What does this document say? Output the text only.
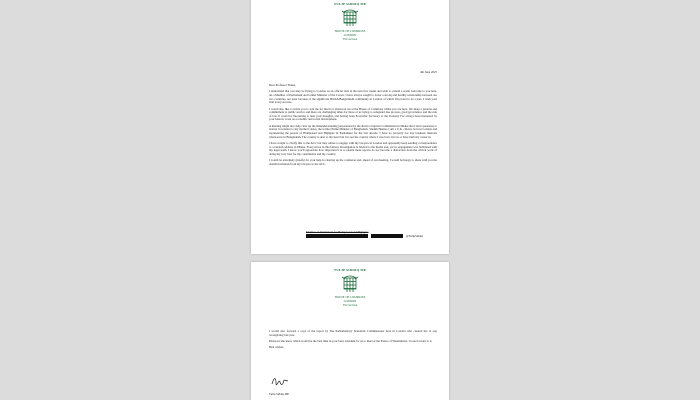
TULIP SIDDIQ MP
HOUSE OF COMMONS
LONDON
SW1A 0AA
4th June 2025

Dear Professor Yunus,

I understand that you may be flying to London on an official visit in the next few weeks and wish to extend a warm welcome to you here. As a Member of Parliament and former Minister of the Crown, I have always sought to foster a strong and healthy relationship between our two countries, not least because of the significant British-Bangladeshi community in London of which I'm proud to be a part. I wish your visit every success.

I would also like to invite you to join me for lunch or afternoon tea at the House of Commons whilst you are here. We share a passion and commitment to public service and there are challenging times for those of us trying to safeguard due process, good governance and the rule of law. It would be interesting to hear your thoughts, and having been Economic Secretary to the Treasury I've always been interested by your historic work on economic and social development.

A meeting might also help clear up the misunderstanding perpetuated by the Anti-Corruption Commission in Dhaka that I have questions to answer in relation to my mother's sister, the former Prime Minister of Bangladesh, Sheikh Hasina. I am a U.K. citizen, born in London and representing the people of Hampstead and Highgate in Parliament for the last decade. I have no property nor any business interests whatsoever in Bangladesh. The country is dear to my heart but it is not the country where I was born, live in or have built my career in.

I have sought to clarify this to the ACC but they refuse to engage with my lawyers in London and apparently keep sending correspondence to a random address in Dhaka. Every move in this fantasy investigation is briefed to the media and, yet no engagement was facilitated with my legal team. I know you'll appreciate how important it is to ensure these reports do not become a distraction from the critical work of doing my very best for my constituents and my country.

I would be extremely grateful for your help in clearing up the confusion and, ahead of our meeting, I would be happy to share with you the detailed rebuttals from my lawyers to the ACC.

Member of Parliament for Hampstead and Highgate
@TulipSiddiq
TULIP SIDDIQ MP
HOUSE OF COMMONS
LONDON
SW1A 0AA

I would also forward a copy of the report by The Parliamentary Standards Commissioner here in London who cleared me of any wrongdoing last year.

Please let me know which would be the best time in your busy schedule for us to meet at the Palace of Westminster. I look forward to it.

Best wishes,

Tulip Siddiq MP
